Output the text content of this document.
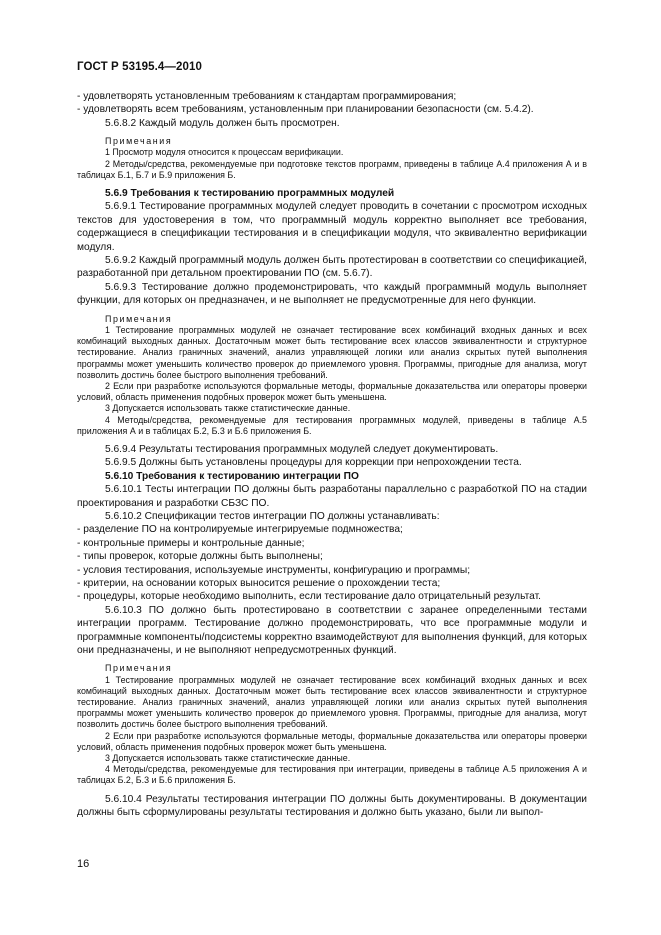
ГОСТ Р 53195.4—2010

- удовлетворять установленным требованиям к стандартам программирования;

- удовлетворять всем требованиям, установленным при планировании безопасности (см. 5.4.2).

5.6.8.2 Каждый модуль должен быть просмотрен.

Примечания

1 Просмотр модуля относится к процессам верификации.

2 Методы/средства, рекомендуемые при подготовке текстов программ, приведены в таблице А.4 приложения А и в таблицах Б.1, Б.7 и Б.9 приложения Б.

5.6.9 Требования к тестированию программных модулей

5.6.9.1 Тестирование программных модулей следует проводить в сочетании с просмотром исходных текстов для удостоверения в том, что программный модуль корректно выполняет все требования, содержащиеся в спецификации тестирования и в спецификации модуля, что эквивалентно верификации модуля.

5.6.9.2 Каждый программный модуль должен быть протестирован в соответствии со спецификацией, разработанной при детальном проектировании ПО (см. 5.6.7).

5.6.9.3 Тестирование должно продемонстрировать, что каждый программный модуль выполняет функции, для которых он предназначен, и не выполняет не предусмотренные для него функции.

Примечания

1 Тестирование программных модулей не означает тестирование всех комбинаций входных данных и всех комбинаций выходных данных. Достаточным может быть тестирование всех классов эквивалентности и структурное тестирование. Анализ граничных значений, анализ управляющей логики или анализ скрытых путей выполнения программы может уменьшить количество проверок до приемлемого уровня. Программы, пригодные для анализа, могут позволить достичь более быстрого выполнения требований.

2 Если при разработке используются формальные методы, формальные доказательства или операторы проверки условий, область применения подобных проверок может быть уменьшена.

3 Допускается использовать также статистические данные.

4 Методы/средства, рекомендуемые для тестирования программных модулей, приведены в таблице А.5 приложения А и в таблицах Б.2, Б.3 и Б.6 приложения Б.

5.6.9.4 Результаты тестирования программных модулей следует документировать.

5.6.9.5 Должны быть установлены процедуры для коррекции при непрохождении теста.

5.6.10 Требования к тестированию интеграции ПО

5.6.10.1 Тесты интеграции ПО должны быть разработаны параллельно с разработкой ПО на стадии проектирования и разработки СБЗС ПО.

5.6.10.2 Спецификации тестов интеграции ПО должны устанавливать:

- разделение ПО на контролируемые интегрируемые подмножества;

- контрольные примеры и контрольные данные;

- типы проверок, которые должны быть выполнены;

- условия тестирования, используемые инструменты, конфигурацию и программы;

- критерии, на основании которых выносится решение о прохождении теста;

- процедуры, которые необходимо выполнить, если тестирование дало отрицательный результат.

5.6.10.3 ПО должно быть протестировано в соответствии с заранее определенными тестами интеграции программ. Тестирование должно продемонстрировать, что все программные модули и программные компоненты/подсистемы корректно взаимодействуют для выполнения функций, для которых они предназначены, и не выполняют непредусмотренных функций.

Примечания

1 Тестирование программных модулей не означает тестирование всех комбинаций входных данных и всех комбинаций выходных данных. Достаточным может быть тестирование всех классов эквивалентности и структурное тестирование. Анализ граничных значений, анализ управляющей логики или анализ скрытых путей выполнения программы может уменьшить количество проверок до приемлемого уровня. Программы, пригодные для анализа, могут позволить достичь более быстрого выполнения требований.

2 Если при разработке используются формальные методы, формальные доказательства или операторы проверки условий, область применения подобных проверок может быть уменьшена.

3 Допускается использовать также статистические данные.

4 Методы/средства, рекомендуемые для тестирования при интеграции, приведены в таблице А.5 приложения А и таблицах Б.2, Б.3 и Б.6 приложения Б.

5.6.10.4 Результаты тестирования интеграции ПО должны быть документированы. В документации должны быть сформулированы результаты тестирования и должно быть указано, были ли выпол-

16
